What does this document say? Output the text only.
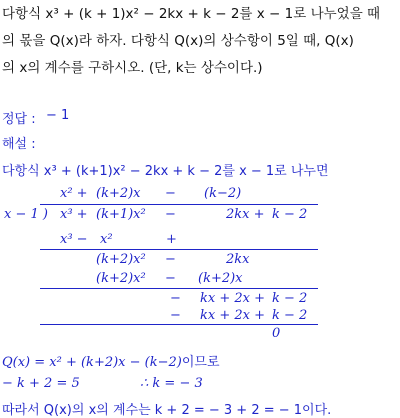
다항식 x³ + (k + 1)x² − 2kx + k − 2를 x − 1로 나누었을 때
의 몫을 Q(x)라 하자. 다항식 Q(x)의 상수항이 5일 때, Q(x)
의 x의 계수를 구하시오. (단, k는 상수이다.)
정답 : − 1
해설 :
다항식 x³ + (k+1)x² − 2kx + k − 2를 x − 1로 나누면
x² + (k+2)x − (k−2)
x − 1 ) x³ + (k+1)x² −	2kx + k − 2
x³ − x²	+
(k+2)x² −	2kx
(k+2)x² − (k+2)x
− kx + 2x + k − 2
− kx + 2x + k − 2
0
Q(x) = x² + (k+2)x − (k−2)이므로
− k + 2 = 5	∴ k = − 3
따라서 Q(x)의 x의 계수는 k + 2 = − 3 + 2 = − 1이다.
